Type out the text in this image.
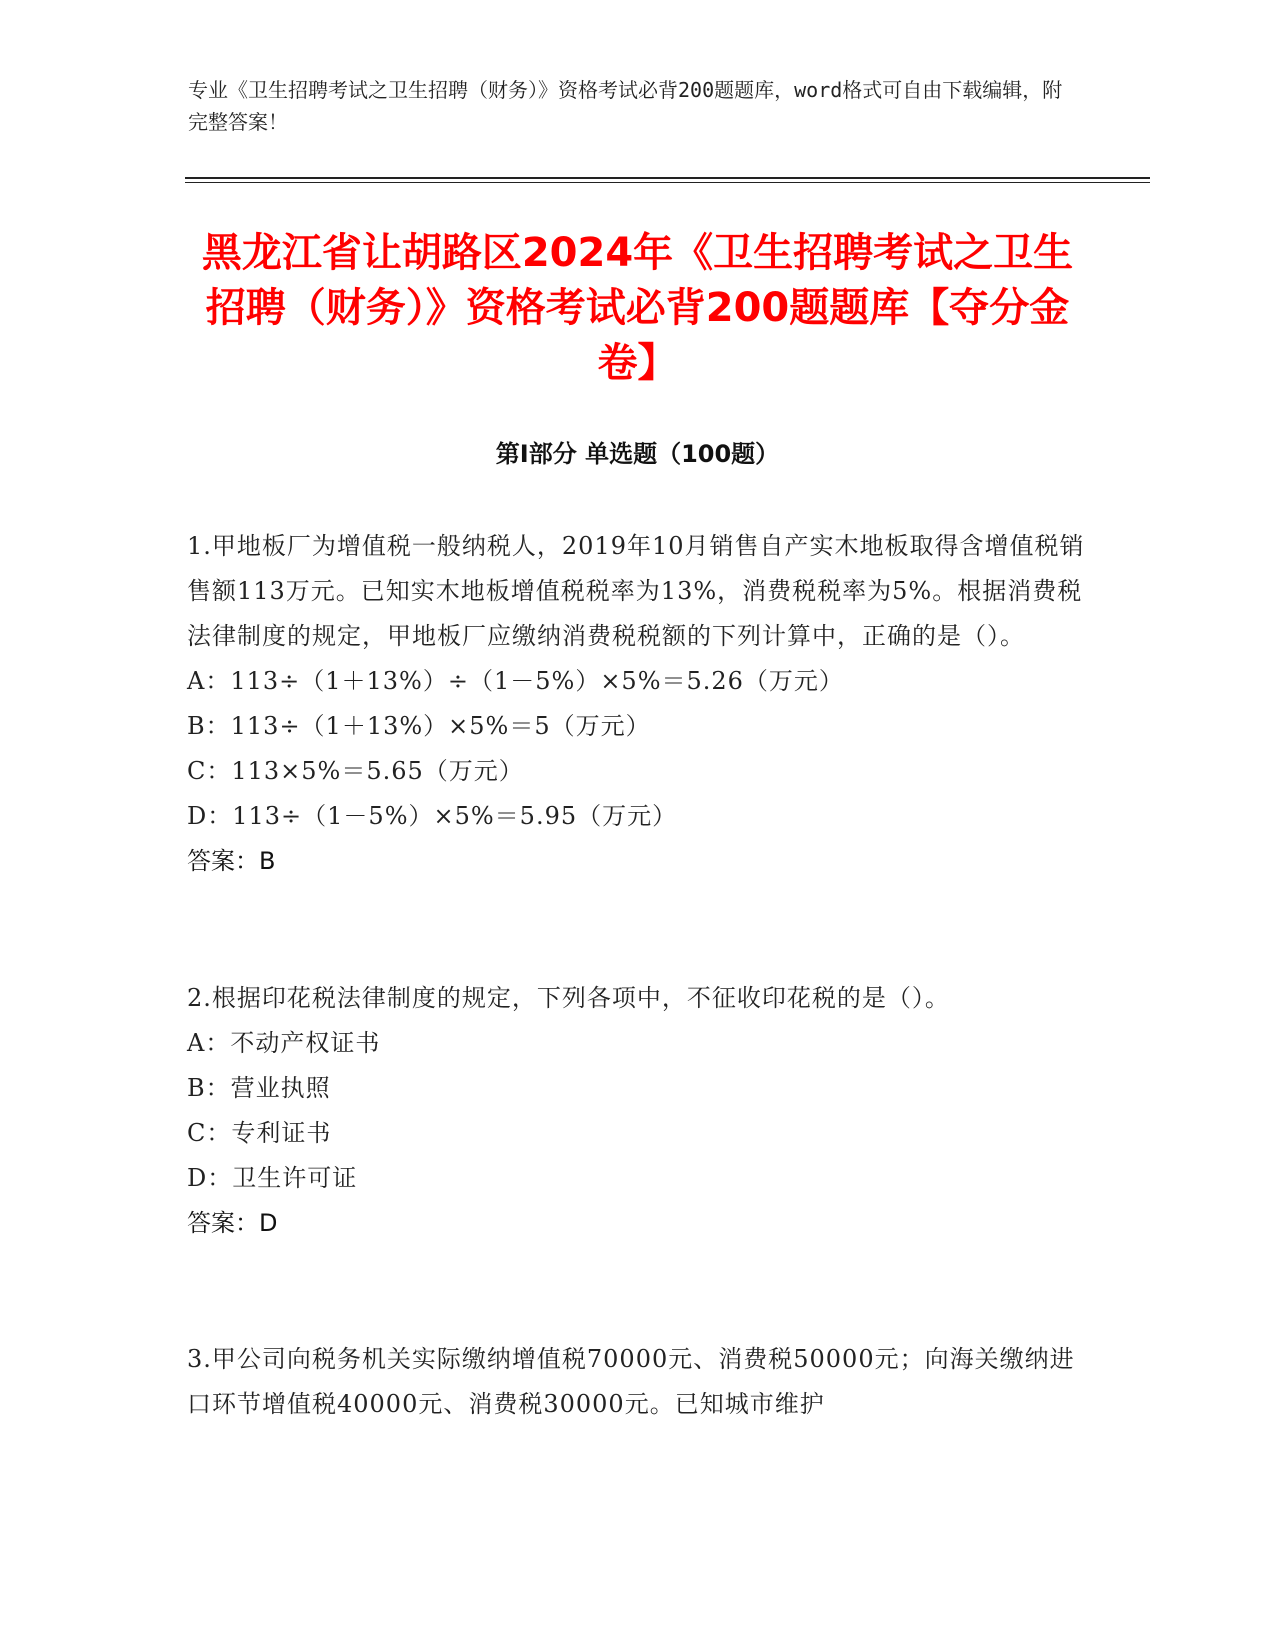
专业《卫生招聘考试之卫生招聘（财务）》资格考试必背200题题库，word格式可自由下载编辑，附完整答案！
黑龙江省让胡路区2024年《卫生招聘考试之卫生招聘（财务）》资格考试必背200题题库【夺分金卷】
第I部分 单选题（100题）

1.甲地板厂为增值税一般纳税人，2019年10月销售自产实木地板取得含增值税销售额113万元。已知实木地板增值税税率为13%，消费税税率为5%。根据消费税法律制度的规定，甲地板厂应缴纳消费税税额的下列计算中，正确的是（）。

A：113÷（1＋13%）÷（1－5%）×5%＝5.26（万元）

B：113÷（1＋13%）×5%＝5（万元）

C：113×5%＝5.65（万元）

D：113÷（1－5%）×5%＝5.95（万元）

答案：B

2.根据印花税法律制度的规定，下列各项中，不征收印花税的是（）。

A：不动产权证书

B：营业执照

C：专利证书

D：卫生许可证

答案：D

3.甲公司向税务机关实际缴纳增值税70000元、消费税50000元；向海关缴纳进口环节增值税40000元、消费税30000元。已知城市维护
